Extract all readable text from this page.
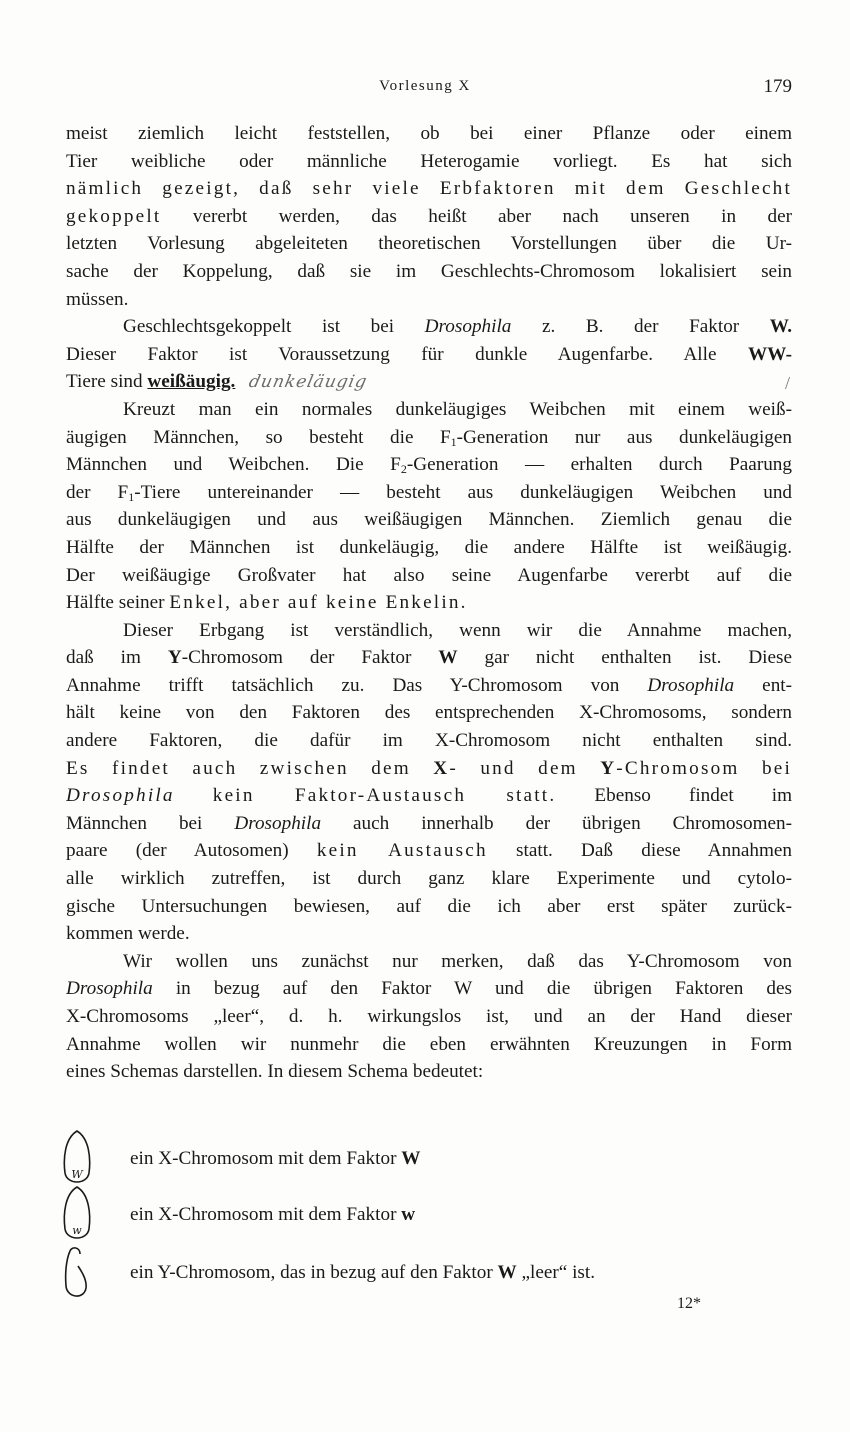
Vorlesung X	179
meist ziemlich leicht feststellen, ob bei einer Pflanze oder einem
Tier weibliche oder männliche Heterogamie vorliegt. Es hat sich
nämlich gezeigt, daß sehr viele Erbfaktoren mit dem Geschlecht
gekoppelt vererbt werden, das heißt aber nach unseren in der
letzten Vorlesung abgeleiteten theoretischen Vorstellungen über die Ur-
sache der Koppelung, daß sie im Geschlechts-Chromosom lokalisiert sein
müssen.
Geschlechtsgekoppelt ist bei Drosophila z. B. der Faktor W.
Dieser Faktor ist Voraussetzung für dunkle Augenfarbe. Alle WW-
Tiere sind weißäugig. dunkeläugig
Kreuzt man ein normales dunkeläugiges Weibchen mit einem weiß-
äugigen Männchen, so besteht die $F_1$-Generation nur aus dunkeläugigen
Männchen und Weibchen. Die $F_2$-Generation — erhalten durch Paarung
der $F_1$-Tiere untereinander — besteht aus dunkeläugigen Weibchen und
aus dunkeläugigen und aus weißäugigen Männchen. Ziemlich genau die
Hälfte der Männchen ist dunkeläugig, die andere Hälfte ist weißäugig.
Der weißäugige Großvater hat also seine Augenfarbe vererbt auf die
Hälfte seiner Enkel, aber auf keine Enkelin.
Dieser Erbgang ist verständlich, wenn wir die Annahme machen,
daß im Y-Chromosom der Faktor W gar nicht enthalten ist. Diese
Annahme trifft tatsächlich zu. Das Y-Chromosom von Drosophila ent-
hält keine von den Faktoren des entsprechenden X-Chromosoms, sondern
andere Faktoren, die dafür im X-Chromosom nicht enthalten sind.
Es findet auch zwischen dem X- und dem Y-Chromosom bei
Drosophila kein Faktor-Austausch statt. Ebenso findet im
Männchen bei Drosophila auch innerhalb der übrigen Chromosomen-
paare (der Autosomen) kein Austausch statt. Daß diese Annahmen
alle wirklich zutreffen, ist durch ganz klare Experimente und cytolo-
gische Untersuchungen bewiesen, auf die ich aber erst später zurück-
kommen werde.
Wir wollen uns zunächst nur merken, daß das Y-Chromosom von
Drosophila in bezug auf den Faktor W und die übrigen Faktoren des
X-Chromosoms „leer“, d. h. wirkungslos ist, und an der Hand dieser
Annahme wollen wir nunmehr die eben erwähnten Kreuzungen in Form
eines Schemas darstellen. In diesem Schema bedeutet:
/
W
ein X-Chromosom mit dem Faktor W
w
ein X-Chromosom mit dem Faktor w
ein Y-Chromosom, das in bezug auf den Faktor W „leer“ ist.
12*
